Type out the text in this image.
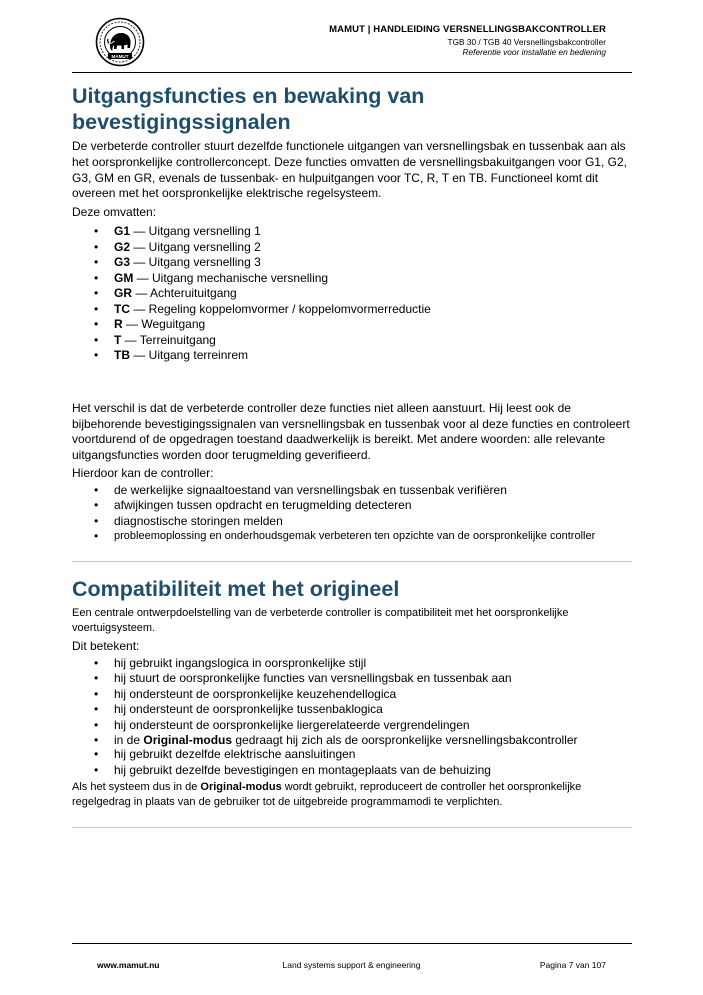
MAMUT
MAMUT | HANDLEIDING VERSNELLINGSBAKCONTROLLER
TGB 30 / TGB 40 Versnellingsbakcontroller
Referentie voor installatie en bediening
Uitgangsfuncties en bewaking van bevestigingssignalen

De verbeterde controller stuurt dezelfde functionele uitgangen van versnellingsbak en tussenbak aan als het oorspronkelijke controllerconcept. Deze functies omvatten de versnellingsbakuitgangen voor G1, G2, G3, GM en GR, evenals de tussenbak- en hulpuitgangen voor TC, R, T en TB. Functioneel komt dit overeen met het oorspronkelijke elektrische regelsysteem.

Deze omvatten:

• G1 — Uitgang versnelling 1
• G2 — Uitgang versnelling 2
• G3 — Uitgang versnelling 3
• GM — Uitgang mechanische versnelling
• GR — Achteruituitgang
• TC — Regeling koppelomvormer / koppelomvormerreductie
• R — Weguitgang
• T — Terreinuitgang
• TB — Uitgang terreinrem

Het verschil is dat de verbeterde controller deze functies niet alleen aanstuurt. Hij leest ook de bijbehorende bevestigingssignalen van versnellingsbak en tussenbak voor al deze functies en controleert voortdurend of de opgedragen toestand daadwerkelijk is bereikt. Met andere woorden: alle relevante uitgangsfuncties worden door terugmelding geverifieerd.

Hierdoor kan de controller:

• de werkelijke signaaltoestand van versnellingsbak en tussenbak verifiëren
• afwijkingen tussen opdracht en terugmelding detecteren
• diagnostische storingen melden
• probleemoplossing en onderhoudsgemak verbeteren ten opzichte van de oorspronkelijke controller
Compatibiliteit met het origineel

Een centrale ontwerpdoelstelling van de verbeterde controller is compatibiliteit met het oorspronkelijke voertuigsysteem.

Dit betekent:

• hij gebruikt ingangslogica in oorspronkelijke stijl
• hij stuurt de oorspronkelijke functies van versnellingsbak en tussenbak aan
• hij ondersteunt de oorspronkelijke keuzehendellogica
• hij ondersteunt de oorspronkelijke tussenbaklogica
• hij ondersteunt de oorspronkelijke liergerelateerde vergrendelingen
• in de Original-modus gedraagt hij zich als de oorspronkelijke versnellingsbakcontroller
• hij gebruikt dezelfde elektrische aansluitingen
• hij gebruikt dezelfde bevestigingen en montageplaats van de behuizing

Als het systeem dus in de Original-modus wordt gebruikt, reproduceert de controller het oorspronkelijke regelgedrag in plaats van de gebruiker tot de uitgebreide programmamodi te verplichten.

www.mamut.nu	Land systems support & engineering	Pagina 7 van 107
